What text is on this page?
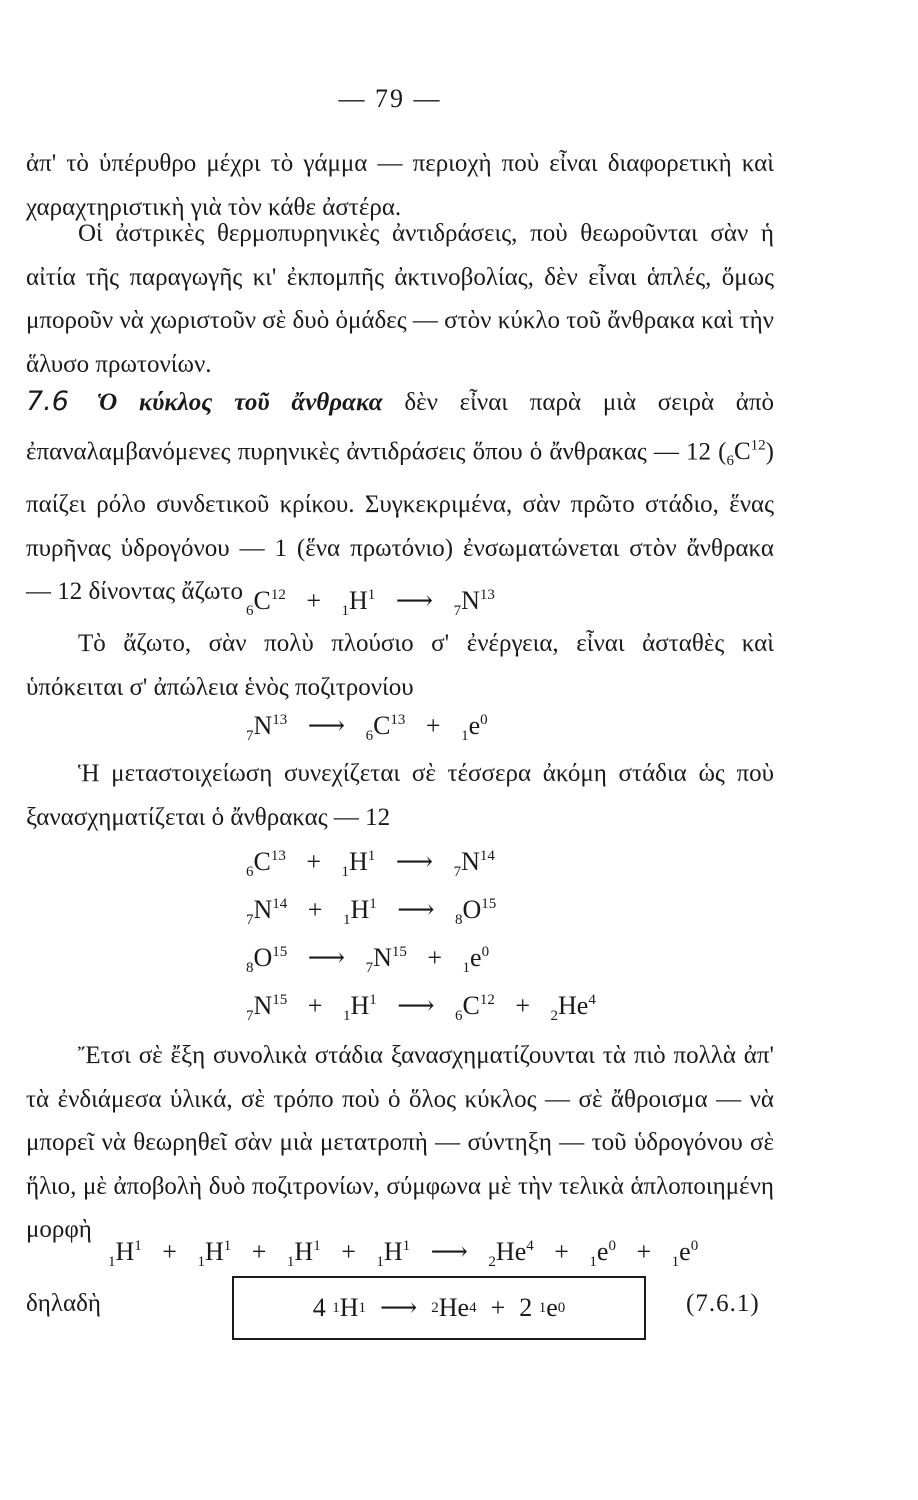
— 79 —
ἀπ' τὸ ὑπέρυθρο μέχρι τὸ γάμμα — περιοχὴ ποὺ εἶναι διαφορετικὴ καὶ χαραχτηριστικὴ γιὰ τὸν κάθε ἀστέρα.
Οἱ ἀστρικὲς θερμοπυρηνικὲς ἀντιδράσεις, ποὺ θεωροῦνται σὰν ἡ αἰτία τῆς παραγωγῆς κι' ἐκπομπῆς ἀκτινοβολίας, δὲν εἶναι ἁπλές, ὅμως μποροῦν νὰ χωριστοῦν σὲ δυὸ ὁμάδες — στὸν κύκλο τοῦ ἄνθρακα καὶ τὴν ἅλυσο πρωτονίων.
7.6 Ὁ κύκλος τοῦ ἄνθρακα δὲν εἶναι παρὰ μιὰ σειρὰ ἀπὸ ἐπαναλαμβανόμενες πυρηνικὲς ἀντιδράσεις ὅπου ὁ ἄνθρακας — 12 $(_6C^{12})$ παίζει ρόλο συνδετικοῦ κρίκου. Συγκεκριμένα, σὰν πρῶτο στάδιο, ἕνας πυρῆνας ὑδρογόνου — 1 (ἕνα πρωτόνιο) ἐνσωματώνεται στὸν ἄνθρακα — 12 δίνοντας ἄζωτο
$_6C^{12} + _1H^1$ ⟶ $_7N^{13}$
Τὸ ἄζωτο, σὰν πολὺ πλούσιο σ' ἐνέργεια, εἶναι ἀσταθὲς καὶ ὑπόκειται σ' ἀπώλεια ἑνὸς ποζιτρονίου
$_7N^{13}$ ⟶ $_6C^{13} + _1e^0$
Ἡ μεταστοιχείωση συνεχίζεται σὲ τέσσερα ἀκόμη στάδια ὡς ποὺ ξανασχηματίζεται ὁ ἄνθρακας — 12
$_6C^{13} + _1H^1$ ⟶ $_7N^{14}$
$_7N^{14} + _1H^1$ ⟶ $_8O^{15}$
$_8O^{15}$ ⟶ $_7N^{15} + _1e^0$
$_7N^{15} + _1H^1$ ⟶ $_6C^{12} + _2He^4$
Ἔτσι σὲ ἔξη συνολικὰ στάδια ξανασχηματίζουνται τὰ πιὸ πολλὰ ἀπ' τὰ ἐνδιάμεσα ὑλικά, σὲ τρόπο ποὺ ὁ ὅλος κύκλος — σὲ ἄθροισμα — νὰ μπορεῖ νὰ θεωρηθεῖ σὰν μιὰ μετατροπὴ — σύντηξη — τοῦ ὑδρογόνου σὲ ἥλιο, μὲ ἀποβολὴ δυὸ ποζιτρονίων, σύμφωνα μὲ τὴν τελικὰ ἁπλοποιημένη μορφὴ
$_1H^1 + _1H^1 + _1H^1 + _1H^1$ ⟶ $_2He^4 + _1e^0 + _1e^0$
δηλαδὴ	4
1 H 1 ⟶ 2 He 4 + 2
1 e 0	(7.6.1)
